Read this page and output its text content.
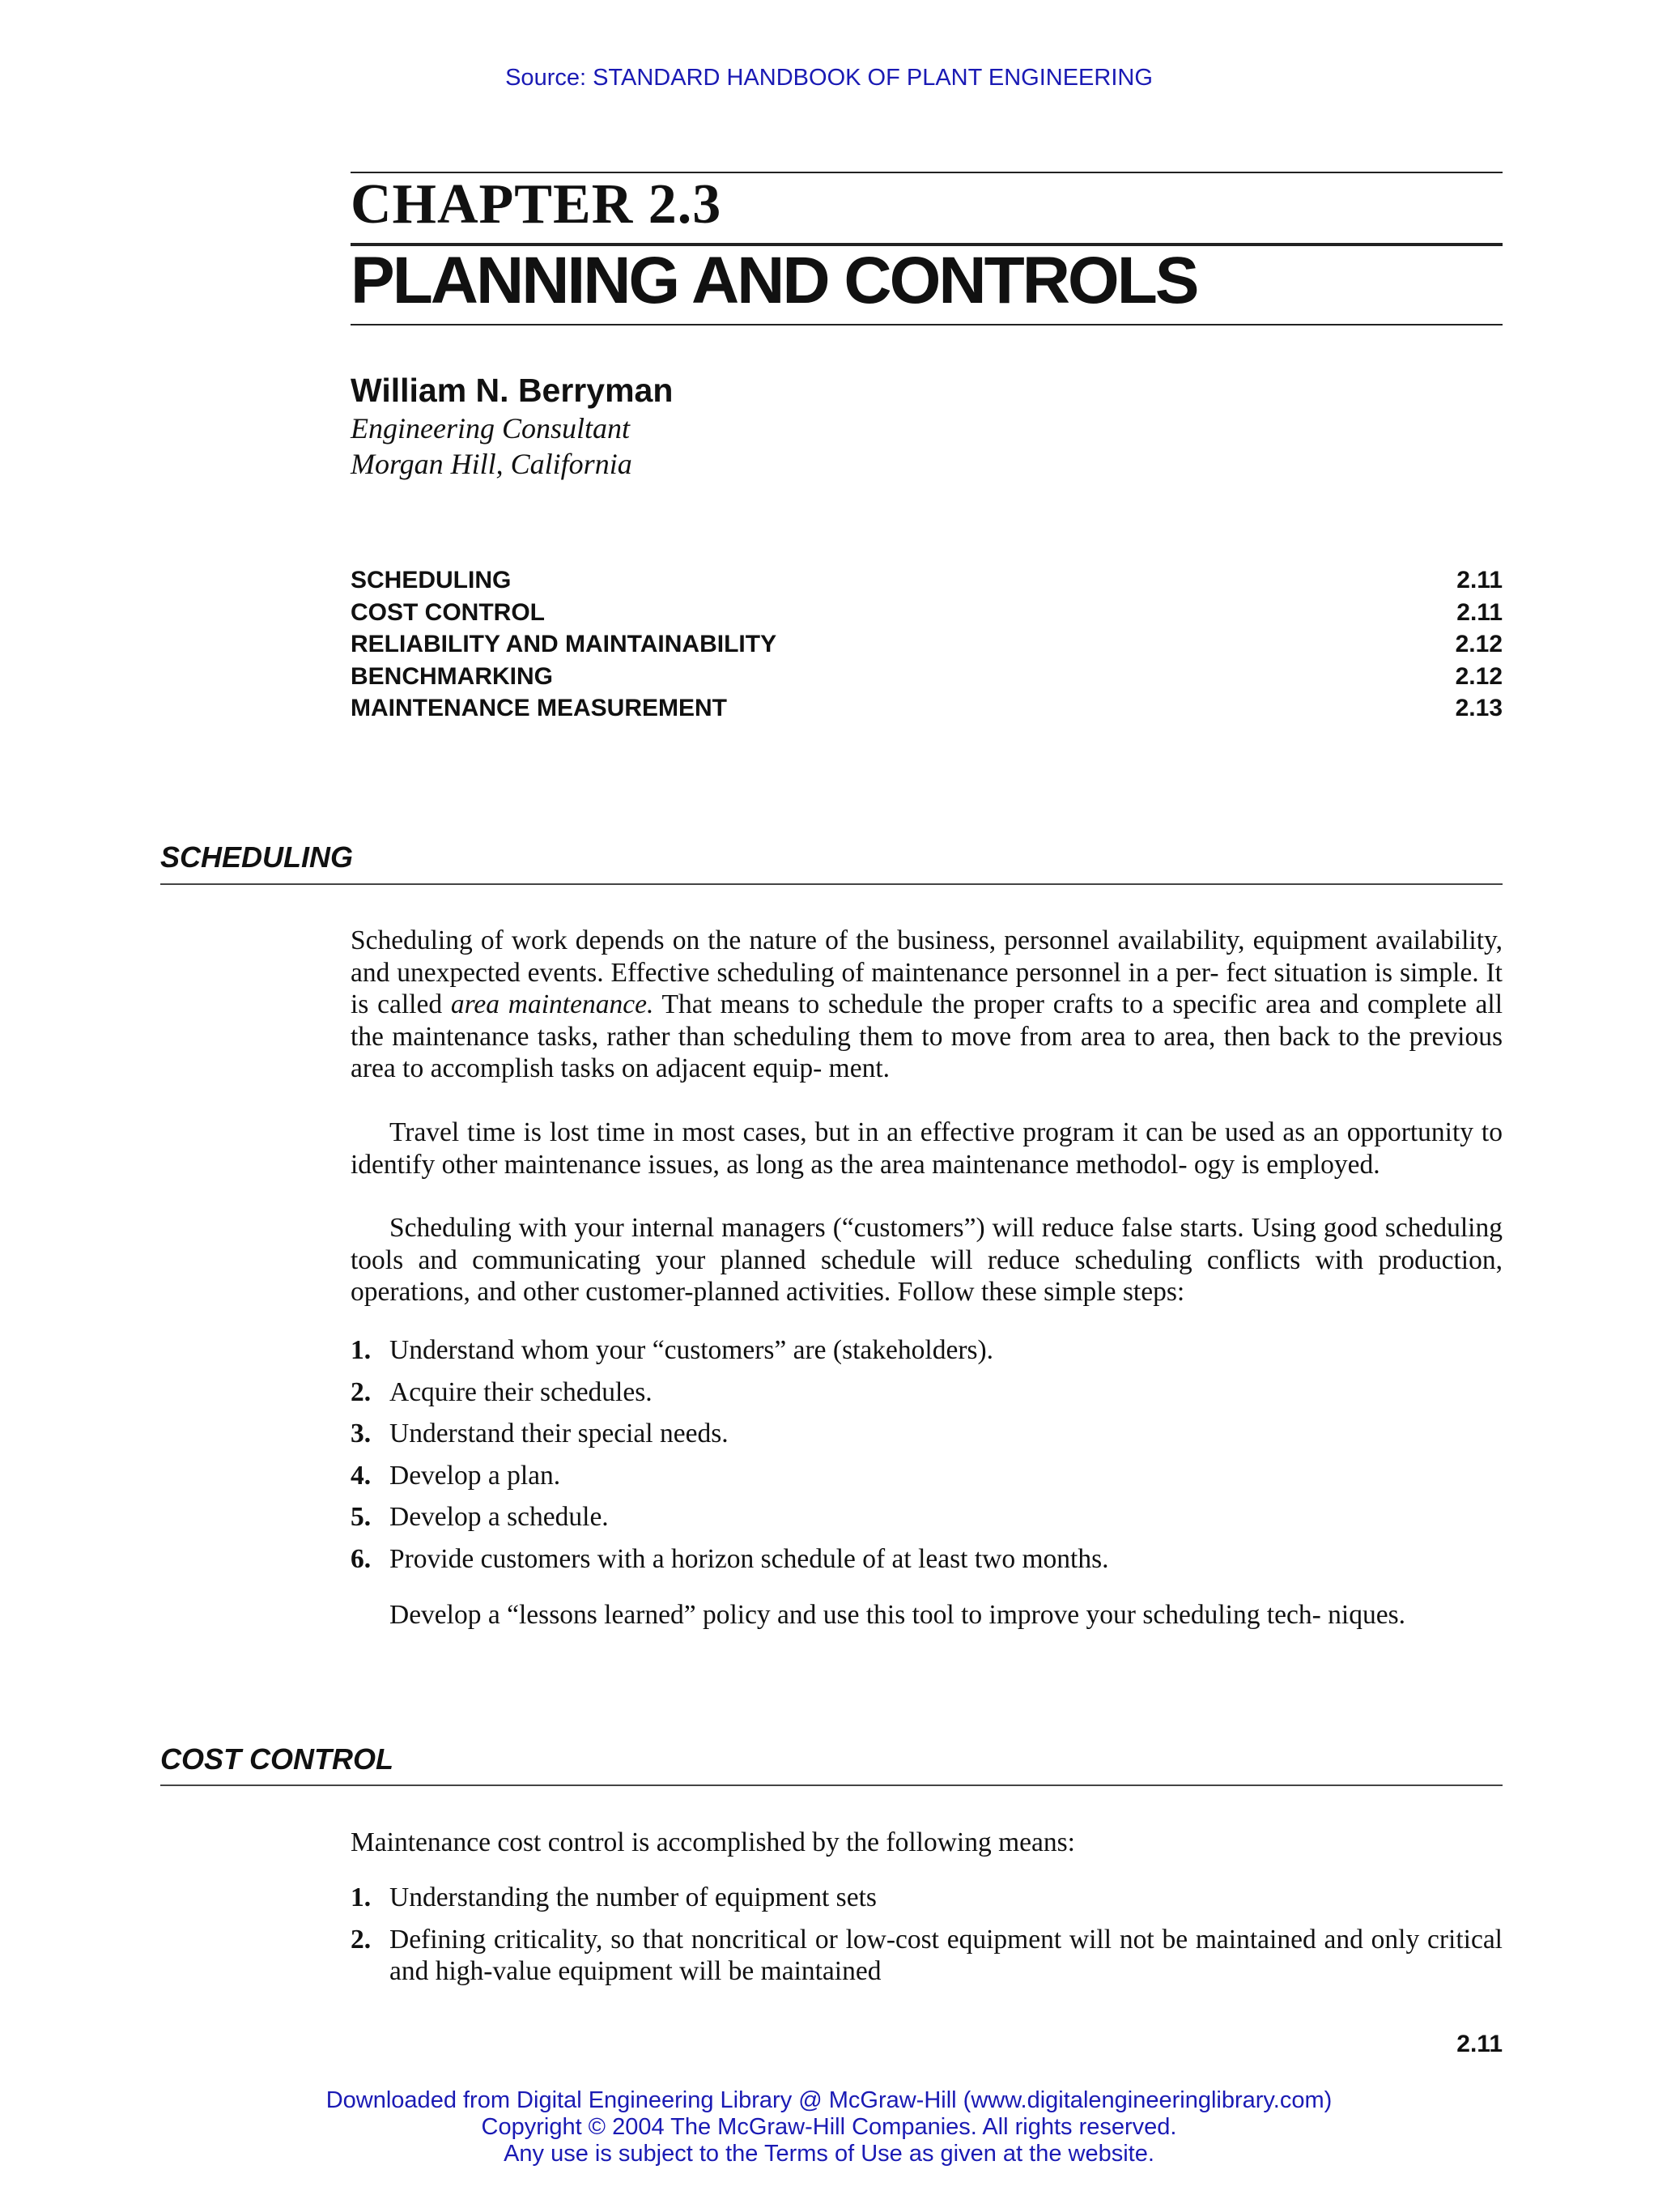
Source: STANDARD HANDBOOK OF PLANT ENGINEERING
CHAPTER 2.3
PLANNING AND CONTROLS
William N. Berryman
Engineering Consultant
Morgan Hill, California
SCHEDULING	2.11
COST CONTROL	2.11
RELIABILITY AND MAINTAINABILITY	2.12
BENCHMARKING	2.12
MAINTENANCE MEASUREMENT	2.13
SCHEDULING

Scheduling of work depends on the nature of the business, personnel availability, equipment availability, and unexpected events. Effective scheduling of maintenance personnel in a per- fect situation is simple. It is called area maintenance. That means to schedule the proper crafts to a specific area and complete all the maintenance tasks, rather than scheduling them to move from area to area, then back to the previous area to accomplish tasks on adjacent equip- ment.

Travel time is lost time in most cases, but in an effective program it can be used as an opportunity to identify other maintenance issues, as long as the area maintenance methodol- ogy is employed.

Scheduling with your internal managers (“customers”) will reduce false starts. Using good scheduling tools and communicating your planned schedule will reduce scheduling conflicts with production, operations, and other customer-planned activities. Follow these simple steps:

1. Understand whom your “customers” are (stakeholders).
2. Acquire their schedules.
3. Understand their special needs.
4. Develop a plan.
5. Develop a schedule.
6. Provide customers with a horizon schedule of at least two months.

Develop a “lessons learned” policy and use this tool to improve your scheduling tech- niques.

COST CONTROL

Maintenance cost control is accomplished by the following means:

1. Understanding the number of equipment sets
2. Defining criticality, so that noncritical or low-cost equipment will not be maintained and only critical and high-value equipment will be maintained
2.11
Downloaded from Digital Engineering Library @ McGraw-Hill (www.digitalengineeringlibrary.com)
Copyright © 2004 The McGraw-Hill Companies. All rights reserved.
Any use is subject to the Terms of Use as given at the website.
